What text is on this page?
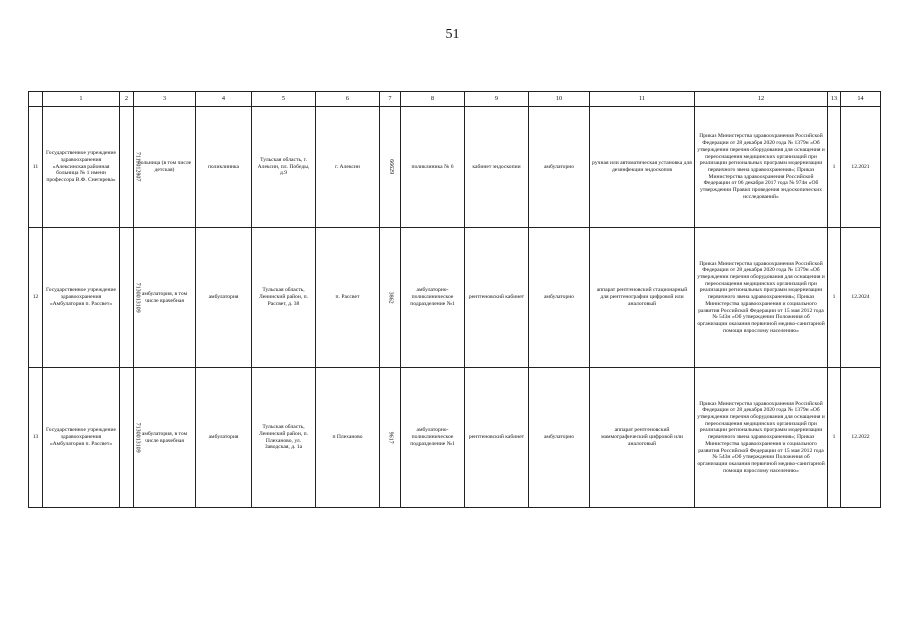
51
	1	2	3	4	5	6	7	8	9	10	11	12	13	14
11	Государственное учреждение здравоохранения «Алексинская районная больница № 1 имени профессора В.Ф. Снегирева»	7111012807	больница (в том числе детская)	поликлиника	Тульская область, г. Алексин, пл. Победы, д.9	г. Алексин	66629	поликлиника № 6	кабинет эндоскопии	амбулаторно	ручная или автоматическая установка для дезинфекции эндоскопов	Приказ Министерства здравоохранения Российской Федерации от 28 декабря 2020 года № 1379н «Об утверждении перечня оборудования для оснащения и переоснащения медицинских организаций при реализации региональных программ модернизации первичного звена здравоохранения»; Приказ Министерства здравоохранения Российской Федерации от 06 декабря 2017 года № 974н «Об утверждении Правил проведения эндоскопических исследований»	1	12.2021
12	Государственное учреждение здравоохранения «Амбулатория п. Рассвет»	7130013109	амбулатория, в том числе врачебная	амбулатория	Тульская область, Ленинский район, п. Рассвет, д. 38	п. Рассвет	3862	амбулаторно-поликлиническое подразделение №1	рентгеновский кабинет	амбулаторно	аппарат рентгеновский стационарный для рентгенографии цифровой или аналоговый	Приказ Министерства здравоохранения Российской Федерации от 28 декабря 2020 года № 1379н «Об утверждении перечня оборудования для оснащения и переоснащения медицинских организаций при реализации региональных программ модернизации первичного звена здравоохранения»; Приказ Министерства здравоохранения и социального развития Российской Федерации от 15 мая 2012 года № 543н «Об утверждении Положения об организации оказания первичной медико-санитарной помощи взрослому населению»	1	12.2024
13	Государственное учреждение здравоохранения «Амбулатория п. Рассвет»	7130013109	амбулатория, в том числе врачебная	амбулатория	Тульская область, Ленинский район, п. Плеханово, ул. Заводская, д. 1а	п Плеханово	9617	амбулаторно-поликлиническое подразделение №1	рентгеновский кабинет	амбулаторно	аппарат рентгеновский маммографический цифровой или аналоговый	Приказ Министерства здравоохранения Российской Федерации от 28 декабря 2020 года № 1379н «Об утверждении перечня оборудования для оснащения и переоснащения медицинских организаций при реализации региональных программ модернизации первичного звена здравоохранения»; Приказ Министерства здравоохранения и социального развития Российской Федерации от 15 мая 2012 года № 543н «Об утверждении Положения об организации оказания первичной медико-санитарной помощи взрослому населению»	1	12.2022
